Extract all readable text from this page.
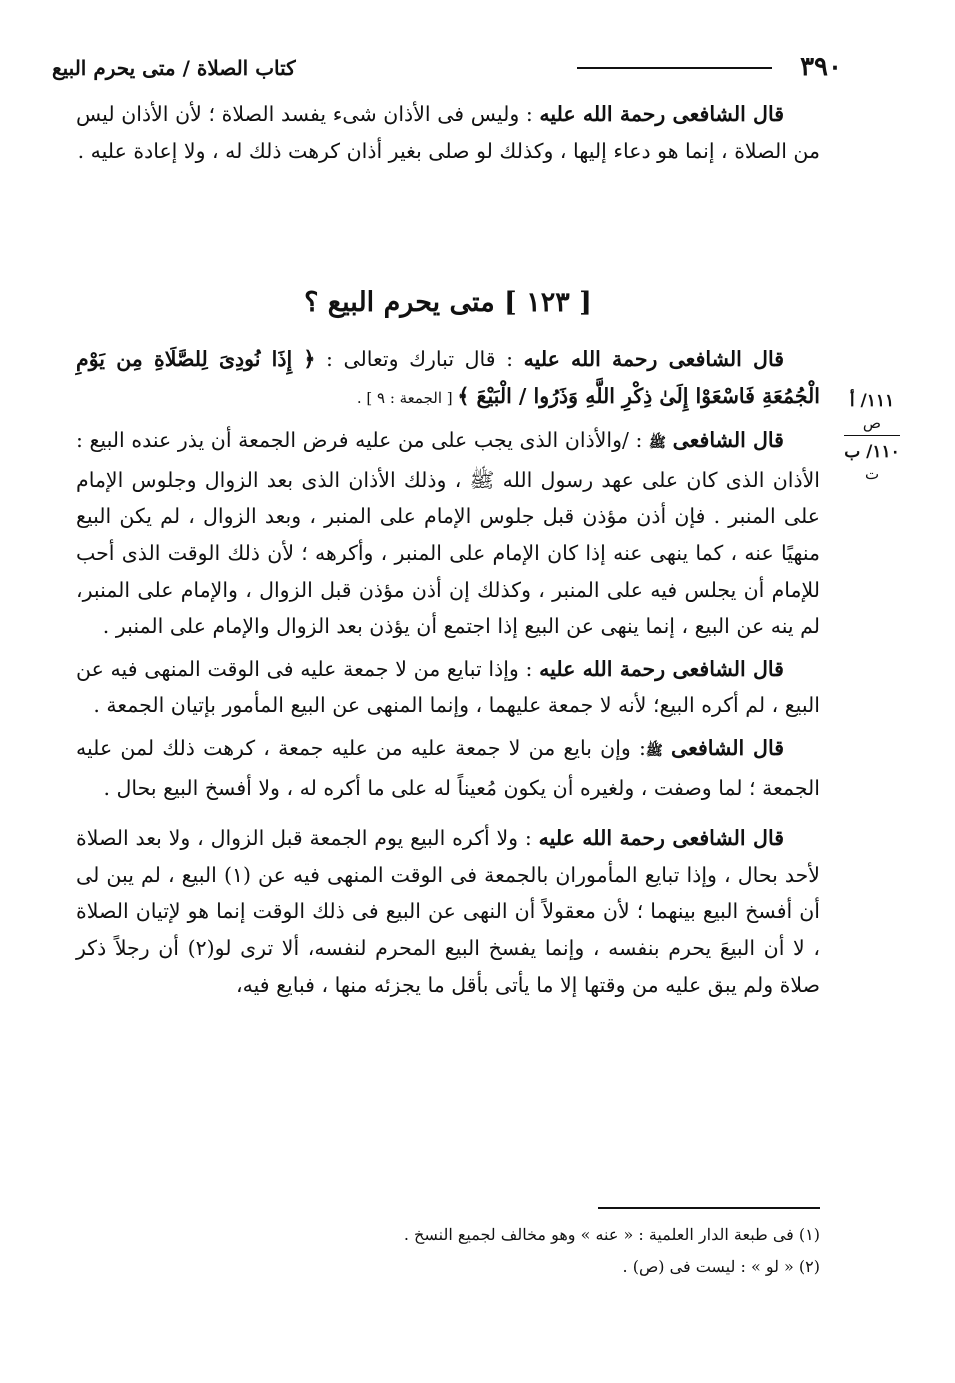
٣٩٠
كتاب الصلاة / متى يحرم البيع

قال الشافعى رحمة الله عليه : وليس فى الأذان شىء يفسد الصلاة ؛ لأن الأذان ليس من الصلاة ، إنما هو دعاء إليها ، وكذلك لو صلى بغير أذان كرهت ذلك له ، ولا إعادة عليه .

[ ١٢٣ ] متى يحرم البيع ؟

قال الشافعى رحمة الله عليه : قال تبارك وتعالى : ﴿ إِذَا نُودِىَ لِلصَّلَاةِ مِن يَوْمِ الْجُمُعَةِ فَاسْعَوْا إِلَىٰ ذِكْرِ اللَّهِ وَذَرُوا / الْبَيْعَ ﴾ [ الجمعة : ٩ ] .

قال الشافعى ﷺ : /والأذان الذى يجب على من عليه فرض الجمعة أن يذر عنده البيع : الأذان الذى كان على عهد رسول الله ﷺ ، وذلك الأذان الذى بعد الزوال وجلوس الإمام على المنبر . فإن أذن مؤذن قبل جلوس الإمام على المنبر ، وبعد الزوال ، لم يكن البيع منهيًا عنه ، كما ينهى عنه إذا كان الإمام على المنبر ، وأكرهه ؛ لأن ذلك الوقت الذى أحب للإمام أن يجلس فيه على المنبر ، وكذلك إن أذن مؤذن قبل الزوال ، والإمام على المنبر، لم ينه عن البيع ، إنما ينهى عن البيع إذا اجتمع أن يؤذن بعد الزوال والإمام على المنبر .

قال الشافعى رحمة الله عليه : وإذا تبايع من لا جمعة عليه فى الوقت المنهى فيه عن البيع ، لم أكره البيع؛ لأنه لا جمعة عليهما ، وإنما المنهى عن البيع المأمور بإتيان الجمعة .

قال الشافعى ﷺ: وإن بايع من لا جمعة عليه من عليه جمعة ، كرهت ذلك لمن عليه الجمعة ؛ لما وصفت ، ولغيره أن يكون مُعيناً له على ما أكره له ، ولا أفسخ البيع بحال .

قال الشافعى رحمة الله عليه : ولا أكره البيع يوم الجمعة قبل الزوال ، ولا بعد الصلاة لأحد بحال ، وإذا تبايع المأموران بالجمعة فى الوقت المنهى فيه عن (١) البيع ، لم يبن لى أن أفسخ البيع بينهما ؛ لأن معقولاً أن النهى عن البيع فى ذلك الوقت إنما هو لإتيان الصلاة ، لا أن البيعَ يحرم بنفسه ، وإنما يفسخ البيع المحرم لنفسه، ألا ترى لو(٢) أن رجلاً ذكر صلاة ولم يبق عليه من وقتها إلا ما يأتى بأقل ما يجزئه منها ، فبايع فيه،

١١١/ أ
ص
١١٠/ ب
ت
(١) فى طبعة الدار العلمية : « عنه » وهو مخالف لجميع النسخ .
(٢) « لو » : ليست فى (ص) .
